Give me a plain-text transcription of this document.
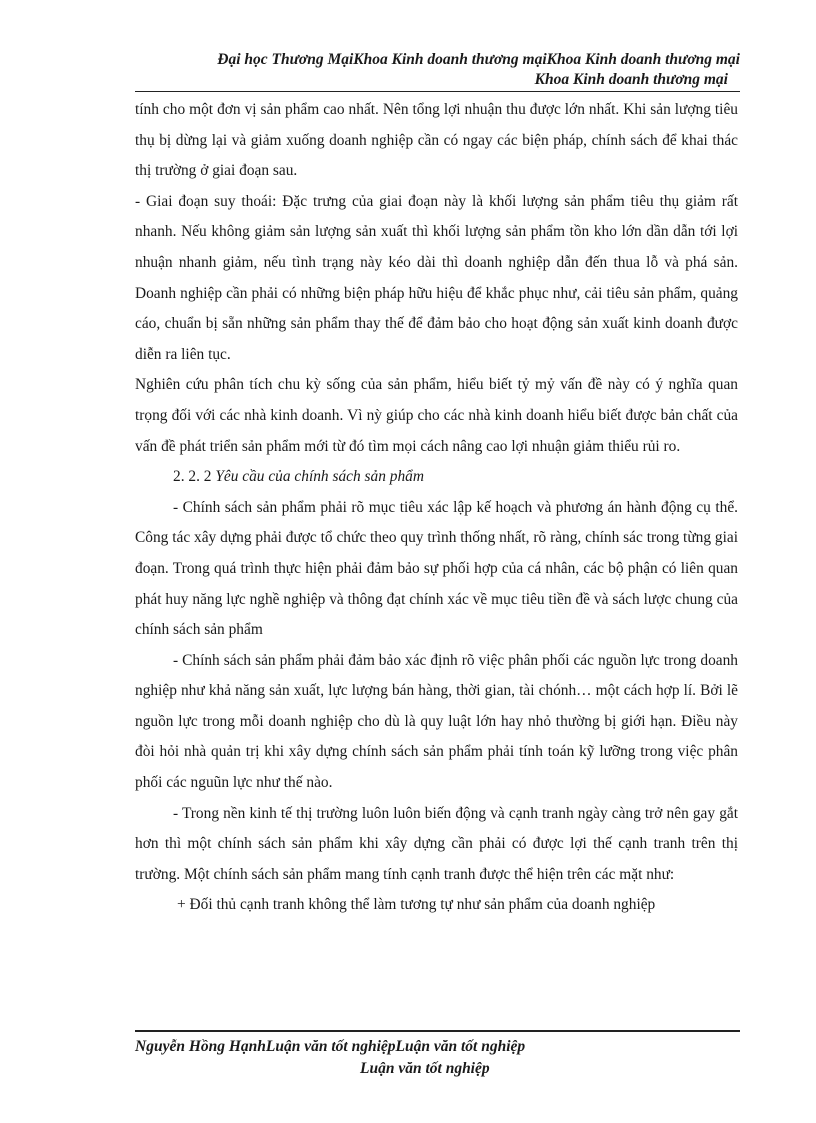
Đại học Thương MạiKhoa Kinh doanh thương mạiKhoa Kinh doanh thương mại
Khoa Kinh doanh thương mại

tính cho một đơn vị sản phẩm cao nhất. Nên tổng lợi nhuận thu được lớn nhất. Khi sản lượng tiêu thụ bị dừng lại và giảm xuống doanh nghiệp cần có ngay các biện pháp, chính sách để khai thác thị trường ở giai đoạn sau.

- Giai đoạn suy thoái: Đặc trưng của giai đoạn này là khối lượng sản phẩm tiêu thụ giảm rất nhanh. Nếu không giảm sản lượng sản xuất thì khối lượng sản phẩm tồn kho lớn dần dẫn tới lợi nhuận nhanh giảm, nếu tình trạng này kéo dài thì doanh nghiệp dẫn đến thua lỗ và phá sản. Doanh nghiệp cần phải có những biện pháp hữu hiệu để khắc phục như, cải tiêu sản phẩm, quảng cáo, chuẩn bị sẵn những sản phẩm thay thế để đảm bảo cho hoạt động sản xuất kinh doanh được diễn ra liên tục.

Nghiên cứu phân tích chu kỳ sống của sản phẩm, hiểu biết tỷ mỷ vấn đề này có ý nghĩa quan trọng đối với các nhà kinh doanh. Vì nỳ giúp cho các nhà kinh doanh hiểu biết được bản chất của vấn đề phát triển sản phẩm mới từ đó tìm mọi cách nâng cao lợi nhuận giảm thiểu rủi ro.

2. 2. 2 Yêu cầu của chính sách sản phẩm

- Chính sách sản phẩm phải rõ mục tiêu xác lập kế hoạch và phương án hành động cụ thể. Công tác xây dựng phải được tổ chức theo quy trình thống nhất, rõ ràng, chính sác trong từng giai đoạn. Trong quá trình thực hiện phải đảm bảo sự phối hợp của cá nhân, các bộ phận có liên quan phát huy năng lực nghề nghiệp và thông đạt chính xác về mục tiêu tiền đề và sách lược chung của chính sách sản phẩm

- Chính sách sản phẩm phải đảm bảo xác định rõ việc phân phối các nguồn lực trong doanh nghiệp như khả năng sản xuất, lực lượng bán hàng, thời gian, tài chónh… một cách hợp lí. Bởi lẽ nguồn lực trong mỗi doanh nghiệp cho dù là quy luật lớn hay nhỏ thường bị giới hạn. Điều này đòi hỏi nhà quản trị khi xây dựng chính sách sản phẩm phải tính toán kỹ lưỡng trong việc phân phối các nguũn lực như thế nào.

- Trong nền kinh tế thị trường luôn luôn biến động và cạnh tranh ngày càng trở nên gay gắt hơn thì một chính sách sản phẩm khi xây dựng cần phải có được lợi thế cạnh tranh trên thị trường. Một chính sách sản phẩm mang tính cạnh tranh được thể hiện trên các mặt như:

+ Đối thủ cạnh tranh không thể làm tương tự như sản phẩm của doanh nghiệp

Nguyễn Hồng HạnhLuận văn tốt nghiệpLuận văn tốt nghiệp
Luận văn tốt nghiệp
